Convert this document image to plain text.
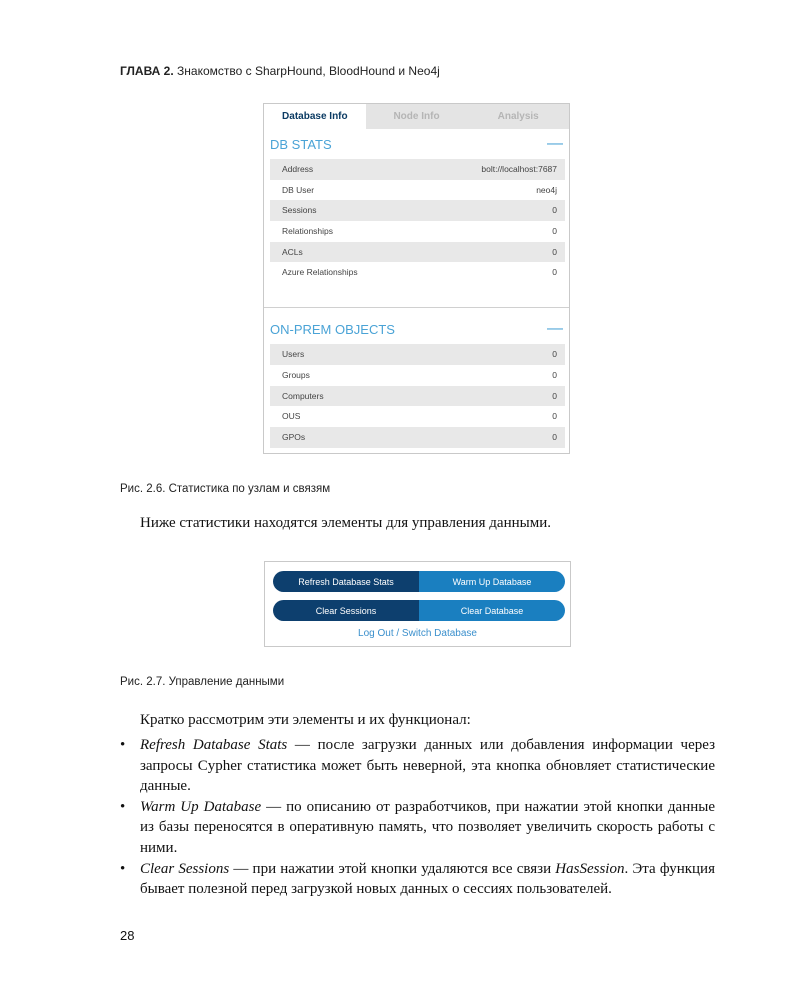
ГЛАВА 2. Знакомство с SharpHound, BloodHound и Neo4j
Database Info	Node Info	Analysis
DB STATS	—
Address	bolt://localhost:7687
DB User	neo4j
Sessions	0
Relationships	0
ACLs	0
Azure Relationships	0
ON-PREM OBJECTS	—
Users	0
Groups	0
Computers	0
OUS	0
GPOs	0
Рис. 2.6. Статистика по узлам и связям
Ниже статистики находятся элементы для управления данными.
Refresh Database Stats	Warm Up Database
Clear Sessions	Clear Database
Log Out / Switch Database
Рис. 2.7. Управление данными
Кратко рассмотрим эти элементы и их функционал:
• Refresh Database Stats — после загрузки данных или добавления информации через запросы Cypher статистика может быть неверной, эта кнопка обновляет статистические данные.
• Warm Up Database — по описанию от разработчиков, при нажатии этой кнопки данные из базы переносятся в оперативную память, что позволяет увеличить скорость работы с ними.
• Clear Sessions — при нажатии этой кнопки удаляются все связи HasSession. Эта функция бывает полезной перед загрузкой новых данных о сессиях пользователей.
28
